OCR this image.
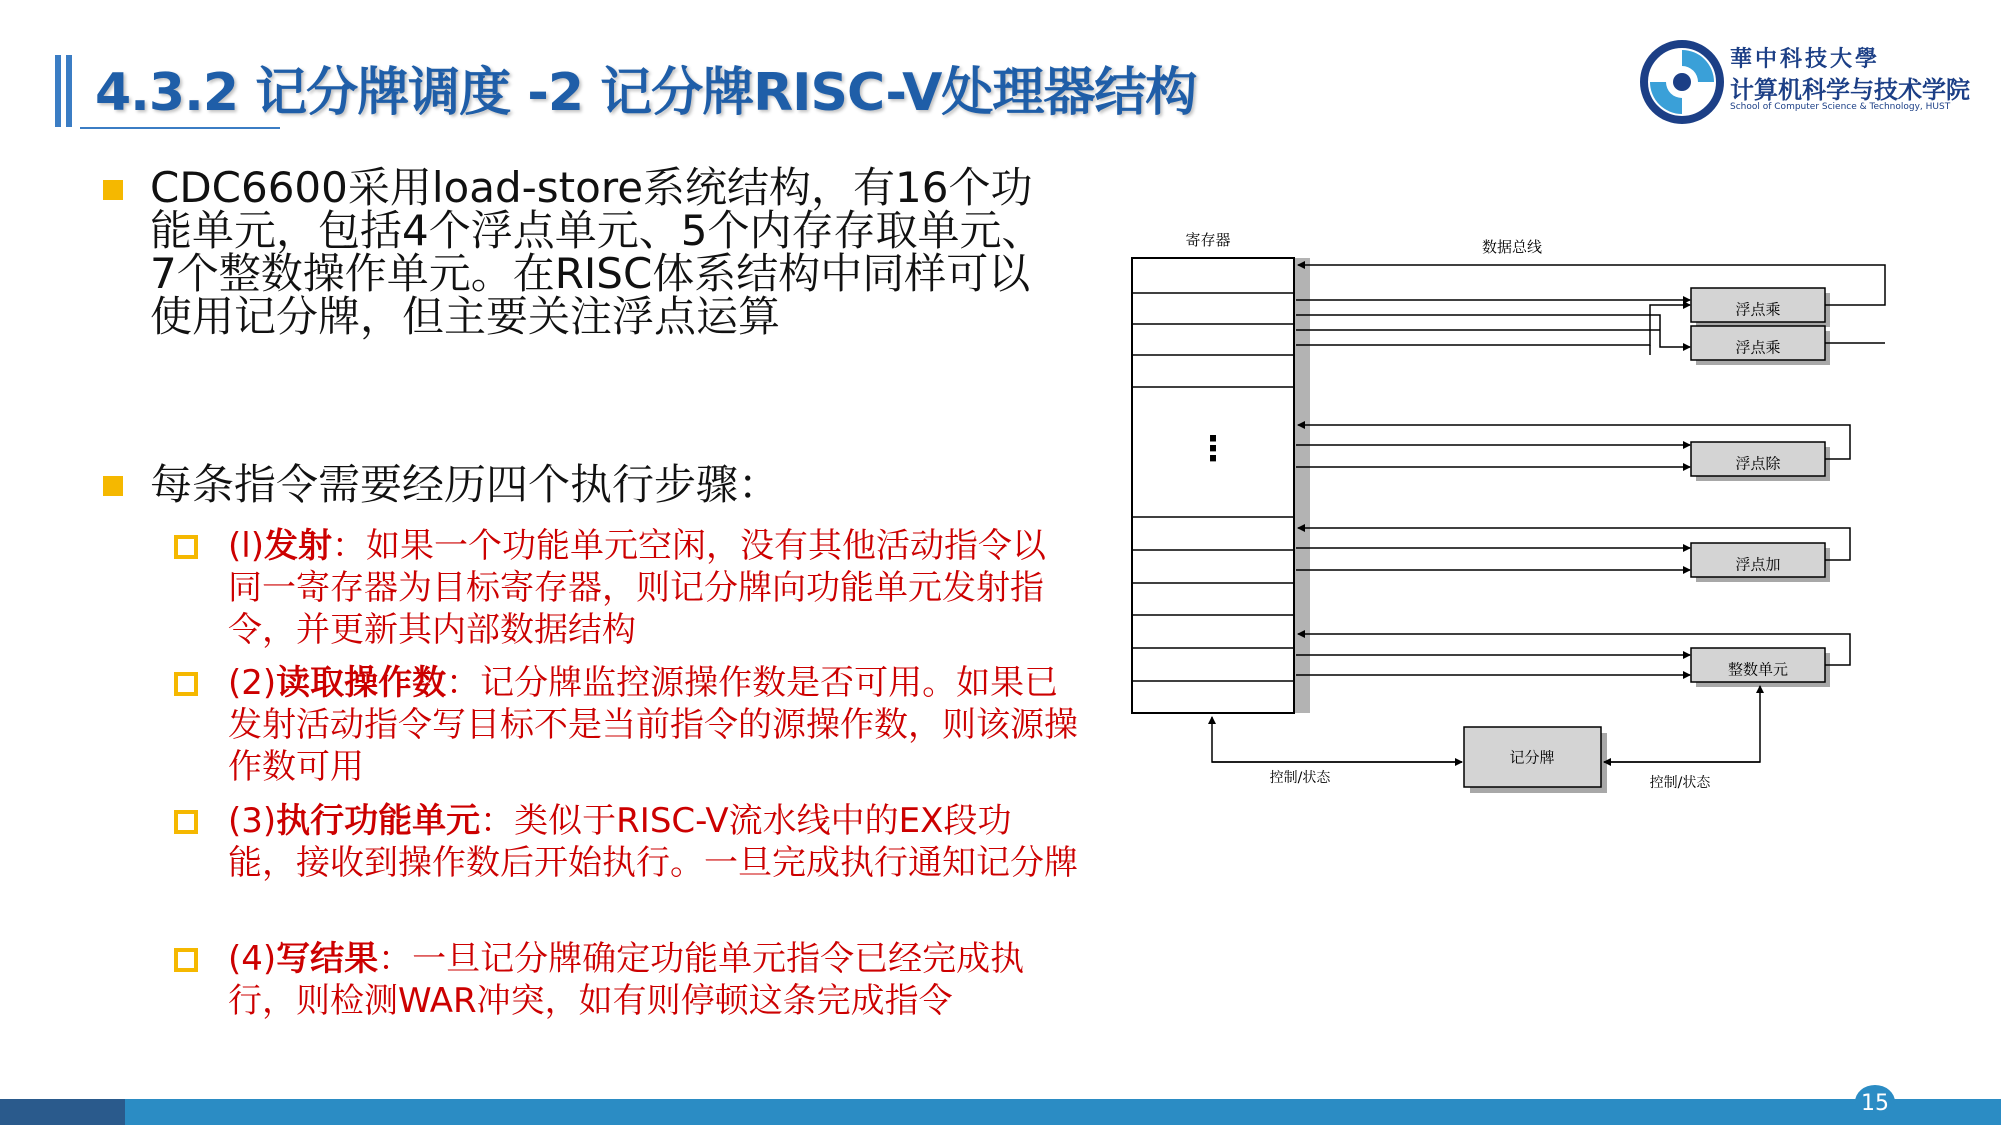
4.3.2 记分牌调度 -2 记分牌RISC-V处理器结构
華中科技大學
计算机科学与技术学院
School of Computer Science & Technology, HUST
CDC6600采用load-store系统结构，有16个功能单元，包括4个浮点单元、5个内存存取单元、7个整数操作单元。在RISC体系结构中同样可以使用记分牌，但主要关注浮点运算
每条指令需要经历四个执行步骤：
(l)发射：如果一个功能单元空闲，没有其他活动指令以同一寄存器为目标寄存器，则记分牌向功能单元发射指令，并更新其内部数据结构
(2)读取操作数：记分牌监控源操作数是否可用。如果已发射活动指令写目标不是当前指令的源操作数，则该源操作数可用
(3)执行功能单元：类似于RISC-V流水线中的EX段功能，接收到操作数后开始执行。一旦完成执行通知记分牌
(4)写结果：一旦记分牌确定功能单元指令已经完成执行，则检测WAR冲突，如有则停顿这条完成指令
寄存器
⋮
数据总线
浮点乘
浮点乘
浮点除
浮点加
整数单元
记分牌
控制/状态	控制/状态
15
